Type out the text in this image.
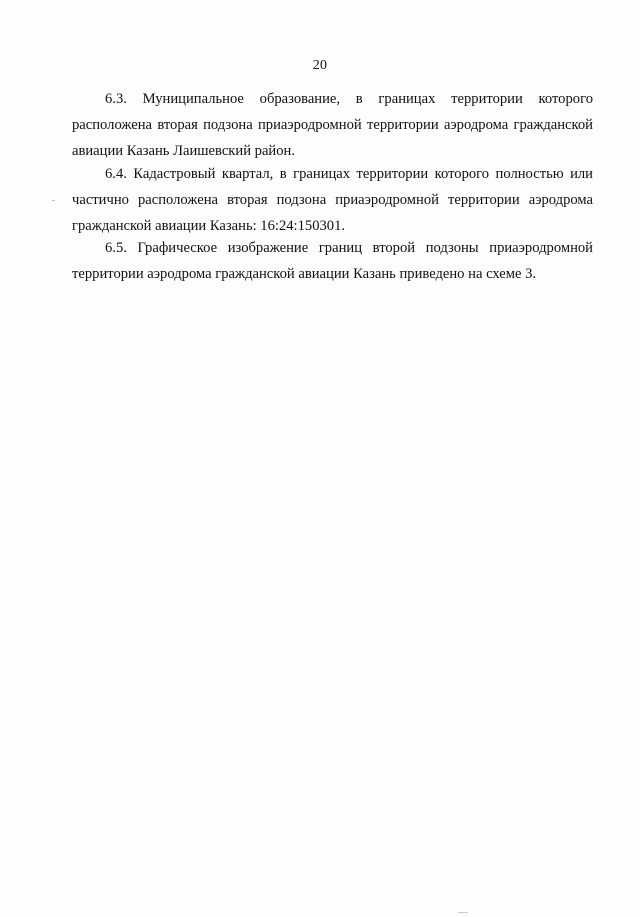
20

6.3. Муниципальное образование, в границах территории которого расположена вторая подзона приаэродромной территории аэродрома гражданской авиации Казань Лаишевский район.

6.4. Кадастровый квартал, в границах территории которого полностью или частично расположена вторая подзона приаэродромной территории аэродрома гражданской авиации Казань: 16:24:150301.

6.5. Графическое изображение границ второй подзоны приаэродромной территории аэродрома гражданской авиации Казань приведено на схеме 3.
